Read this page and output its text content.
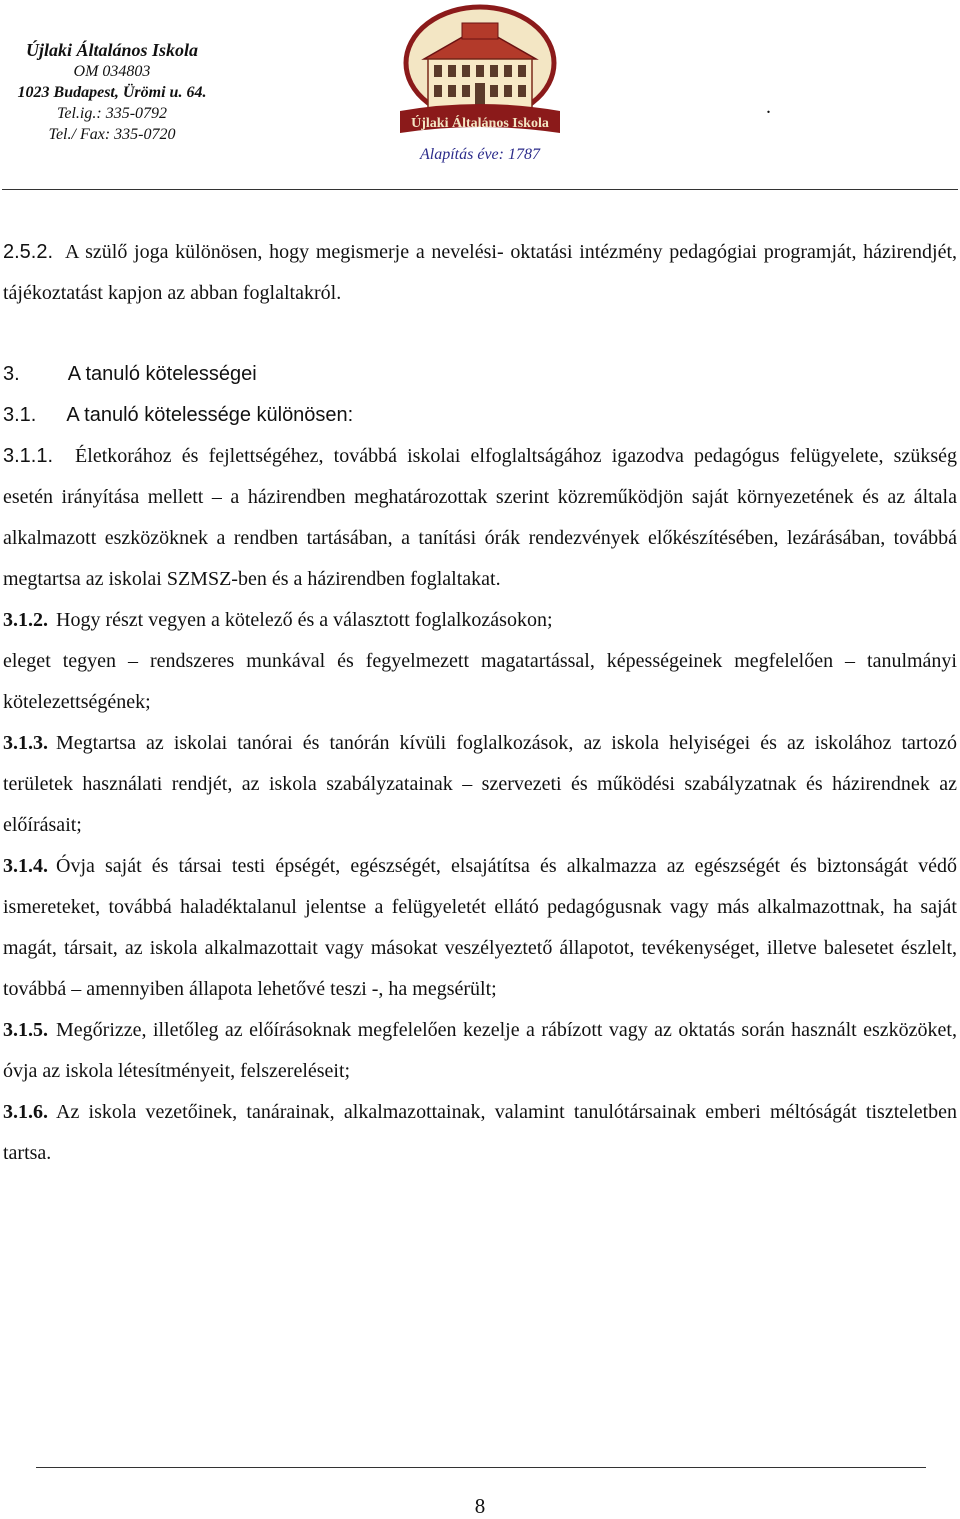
Újlaki Általános Iskola
OM 034803
1023 Budapest, Ürömi u. 64.
Tel.ig.: 335-0792
Tel./ Fax: 335-0720
Újlaki Általános Iskola
Alapítás éve: 1787
.

2.5.2. A szülő joga különösen, hogy megismerje a nevelési- oktatási intézmény pedagógiai programját, házirendjét, tájékoztatást kapjon az abban foglaltakról.

3. A tanuló kötelességei

3.1. A tanuló kötelessége különösen:

3.1.1. Életkorához és fejlettségéhez, továbbá iskolai elfoglaltságához igazodva pedagógus felügyelete, szükség esetén irányítása mellett – a házirendben meghatározottak szerint közreműködjön saját környezetének és az általa alkalmazott eszközöknek a rendben tartásában, a tanítási órák rendezvények előkészítésében, lezárásában, továbbá megtartsa az iskolai SZMSZ-ben és a házirendben foglaltakat.

3.1.2. Hogy részt vegyen a kötelező és a választott foglalkozásokon;

eleget tegyen – rendszeres munkával és fegyelmezett magatartással, képességeinek megfelelően – tanulmányi kötelezettségének;

3.1.3. Megtartsa az iskolai tanórai és tanórán kívüli foglalkozások, az iskola helyiségei és az iskolához tartozó területek használati rendjét, az iskola szabályzatainak – szervezeti és működési szabályzatnak és házirendnek az előírásait;

3.1.4. Óvja saját és társai testi épségét, egészségét, elsajátítsa és alkalmazza az egészségét és biztonságát védő ismereteket, továbbá haladéktalanul jelentse a felügyeletét ellátó pedagógusnak vagy más alkalmazottnak, ha saját magát, társait, az iskola alkalmazottait vagy másokat veszélyeztető állapotot, tevékenységet, illetve balesetet észlelt, továbbá – amennyiben állapota lehetővé teszi -, ha megsérült;

3.1.5. Megőrizze, illetőleg az előírásoknak megfelelően kezelje a rábízott vagy az oktatás során használt eszközöket, óvja az iskola létesítményeit, felszereléseit;

3.1.6. Az iskola vezetőinek, tanárainak, alkalmazottainak, valamint tanulótársainak emberi méltóságát tiszteletben tartsa.

8
